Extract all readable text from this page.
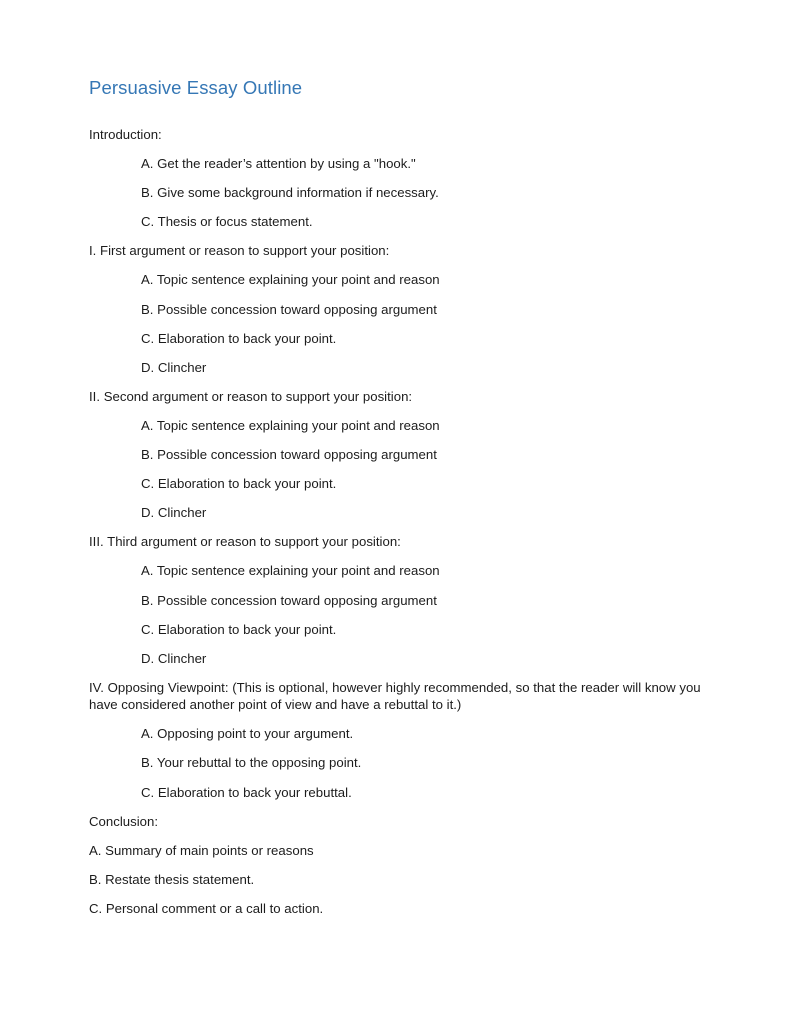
Persuasive Essay Outline

Introduction:

A. Get the reader’s attention by using a "hook."

B. Give some background information if necessary.

C. Thesis or focus statement.

I. First argument or reason to support your position:

A. Topic sentence explaining your point and reason

B. Possible concession toward opposing argument

C. Elaboration to back your point.

D. Clincher

II. Second argument or reason to support your position:

A. Topic sentence explaining your point and reason

B. Possible concession toward opposing argument

C. Elaboration to back your point.

D. Clincher

III. Third argument or reason to support your position:

A. Topic sentence explaining your point and reason

B. Possible concession toward opposing argument

C. Elaboration to back your point.

D. Clincher

IV. Opposing Viewpoint: (This is optional, however highly recommended, so that the reader will know you have considered another point of view and have a rebuttal to it.)

A. Opposing point to your argument.

B. Your rebuttal to the opposing point.

C. Elaboration to back your rebuttal.

Conclusion:

A. Summary of main points or reasons

B. Restate thesis statement.

C. Personal comment or a call to action.
